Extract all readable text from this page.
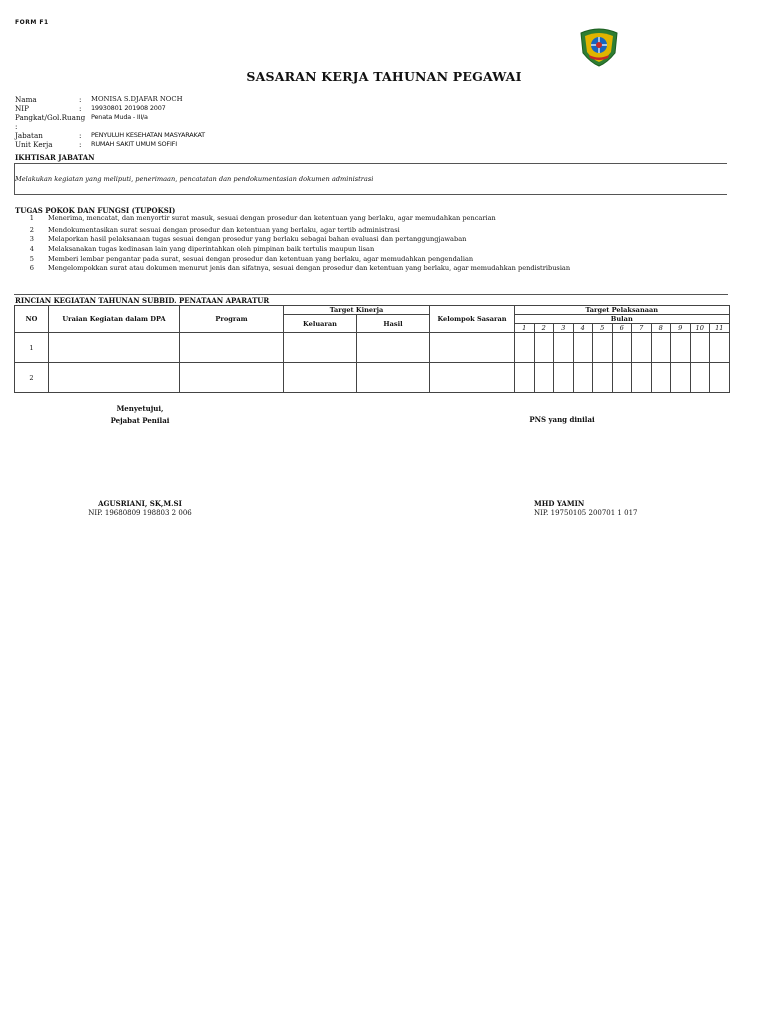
FORM F1
SASARAN KERJA TAHUNAN PEGAWAI
Nama	:	MONISA S.DJAFAR NOCH
NIP	:	19930801 201908 2007
Pangkat/Gol.Ruang :
Penata Muda - III/a
Jabatan	:	PENYULUH KESEHATAN MASYARAKAT
Unit Kerja	:	RUMAH SAKIT UMUM SOFIFI
IKHTISAR JABATAN
Melakukan kegiatan yang meliputi, penerimaan, pencatatan dan pendokumentasian dokumen administrasi
TUGAS POKOK DAN FUNGSI (TUPOKSI)
1	Menerima, mencatat, dan menyortir surat masuk, sesuai dengan prosedur dan ketentuan yang berlaku, agar memudahkan pencarian
2	Mendokumentasikan surat sesuai dengan prosedur dan ketentuan yang berlaku, agar tertib administrasi
3	Melaporkan hasil pelaksanaan tugas sesuai dengan prosedur yang berlaku sebagai bahan evaluasi dan pertanggungjawaban
4	Melaksanakan tugas kedinasan lain yang diperintahkan oleh pimpinan baik tertulis maupun lisan
5	Memberi lembar pengantar pada surat, sesuai dengan prosedur dan ketentuan yang berlaku, agar memudahkan pengendalian
6	Mengelompokkan surat atau dokumen menurut jenis dan sifatnya, sesuai dengan prosedur dan ketentuan yang berlaku, agar memudahkan pendistribusian
RINCIAN KEGIATAN TAHUNAN SUBBID. PENATAAN APARATUR
NO	Uraian Kegiatan dalam DPA	Program	Target Kinerja		Kelompok Sasaran	Target Pelaksanaan										
			Keluaran	Hasil		Bulan										
						1	2	3	4	5	6	7	8	9	10	11
1																
2																
Menyetujui,
Pejabat Penilai	PNS yang dinilai
AGUSRIANI, SK,M.SI
NIP. 19680809 198803 2 006
MHD YAMIN
NIP. 19750105 200701 1 017
